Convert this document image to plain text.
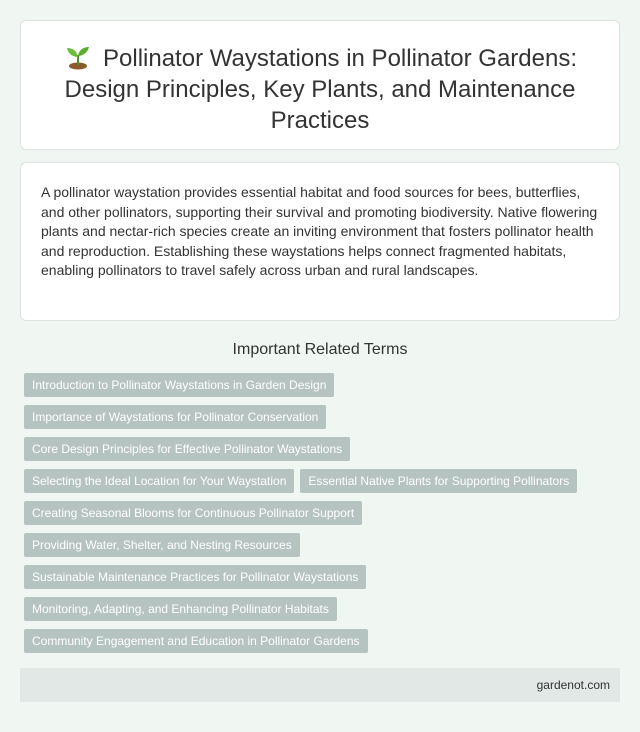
Pollinator Waystations in Pollinator Gardens: Design Principles, Key Plants, and Maintenance Practices

A pollinator waystation provides essential habitat and food sources for bees, butterflies, and other pollinators, supporting their survival and promoting biodiversity. Native flowering plants and nectar-rich species create an inviting environment that fosters pollinator health and reproduction. Establishing these waystations helps connect fragmented habitats, enabling pollinators to travel safely across urban and rural landscapes.

Important Related Terms
Introduction to Pollinator Waystations in Garden Design
Importance of Waystations for Pollinator Conservation
Core Design Principles for Effective Pollinator Waystations
Selecting the Ideal Location for Your Waystation	Essential Native Plants for Supporting Pollinators
Creating Seasonal Blooms for Continuous Pollinator Support
Providing Water, Shelter, and Nesting Resources
Sustainable Maintenance Practices for Pollinator Waystations
Monitoring, Adapting, and Enhancing Pollinator Habitats
Community Engagement and Education in Pollinator Gardens
gardenot.com
